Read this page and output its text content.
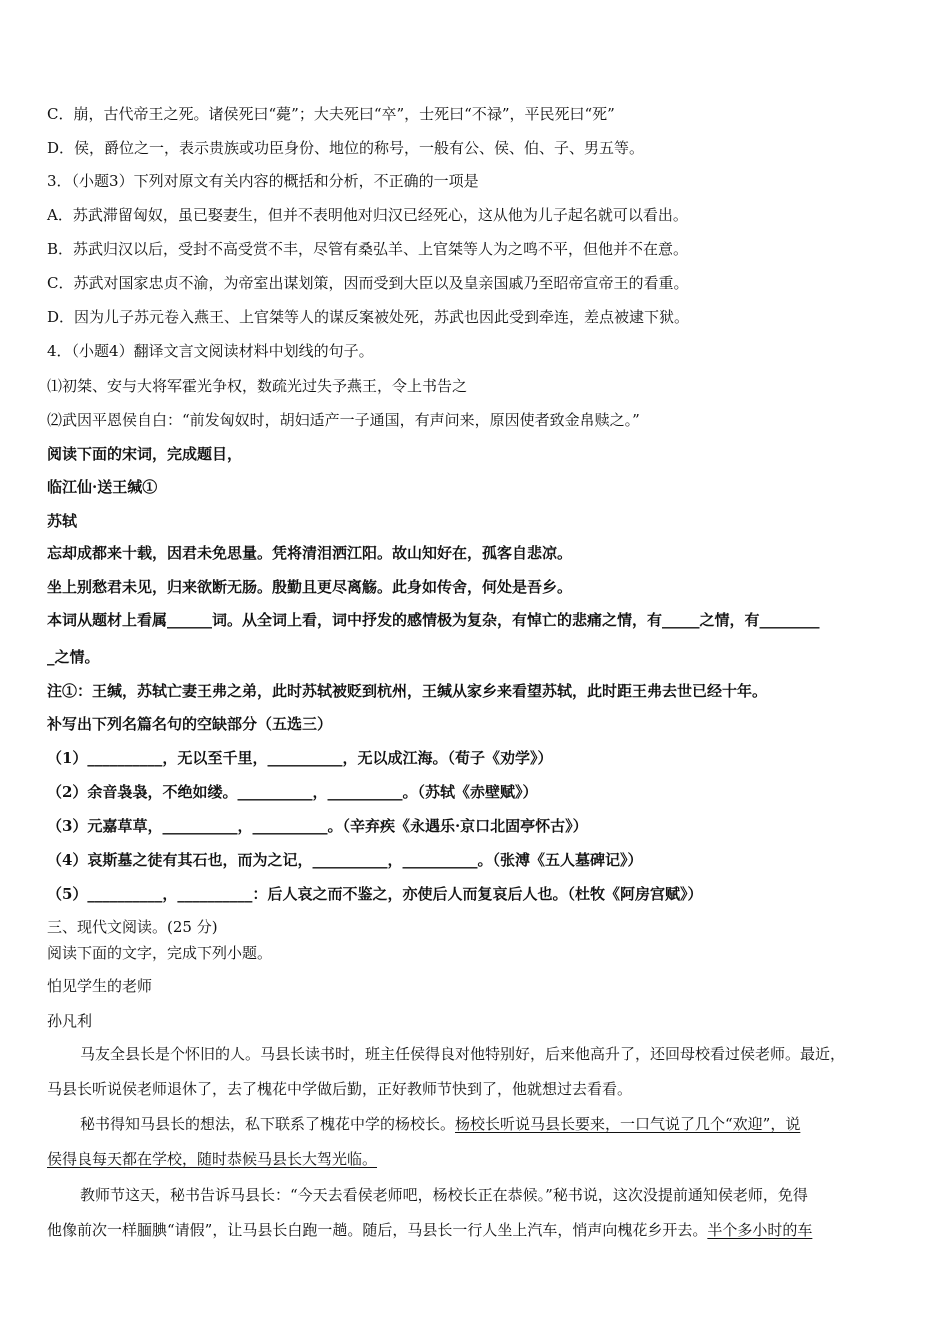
C．崩，古代帝王之死。诸侯死曰“薨”；大夫死曰“卒”，士死曰“不禄”，平民死曰“死”
D．侯，爵位之一，表示贵族或功臣身份、地位的称号，一般有公、侯、伯、子、男五等。
3．（小题3）下列对原文有关内容的概括和分析，不正确的一项是
A．苏武滞留匈奴，虽已娶妻生，但并不表明他对归汉已经死心，这从他为儿子起名就可以看出。
B．苏武归汉以后，受封不高受赏不丰，尽管有桑弘羊、上官桀等人为之鸣不平，但他并不在意。
C．苏武对国家忠贞不渝，为帝室出谋划策，因而受到大臣以及皇亲国戚乃至昭帝宣帝王的看重。
D．因为儿子苏元卷入燕王、上官桀等人的谋反案被处死，苏武也因此受到牵连，差点被逮下狱。
4．（小题4）翻译文言文阅读材料中划线的句子。
⑴初桀、安与大将军霍光争权，数疏光过失予燕王，令上书告之
⑵武因平恩侯自白：“前发匈奴时，胡妇适产一子通国，有声问来，原因使者致金帛赎之。”
阅读下面的宋词，完成题目，
临江仙·送王缄①
苏轼
忘却成都来十载，因君未免思量。凭将清泪洒江阳。故山知好在，孤客自悲凉。
坐上别愁君未见，归来欲断无肠。殷勤且更尽离觞。此身如传舍，何处是吾乡。
本词从题材上看属______词。从全词上看，词中抒发的感情极为复杂，有悼亡的悲痛之情，有_____之情，有________
_之情。
注①：王缄，苏轼亡妻王弗之弟，此时苏轼被贬到杭州，王缄从家乡来看望苏轼，此时距王弗去世已经十年。
补写出下列名篇名句的空缺部分（五选三）
（1）__________，无以至千里，__________，无以成江海。（荀子《劝学》）
（2）余音袅袅，不绝如缕。__________，__________。（苏轼《赤壁赋》）
（3）元嘉草草，__________，__________。（辛弃疾《永遇乐·京口北固亭怀古》）
（4）哀斯墓之徒有其石也，而为之记，__________，__________。（张溥《五人墓碑记》）
（5）__________，__________：后人哀之而不鉴之，亦使后人而复哀后人也。（杜牧《阿房宫赋》）
三、现代文阅读。(25 分)
阅读下面的文字，完成下列小题。
怕见学生的老师
孙凡利
马友全县长是个怀旧的人。马县长读书时，班主任侯得良对他特别好，后来他高升了，还回母校看过侯老师。最近，
马县长听说侯老师退休了，去了槐花中学做后勤，正好教师节快到了，他就想过去看看。
秘书得知马县长的想法，私下联系了槐花中学的杨校长。杨校长听说马县长要来，一口气说了几个“欢迎”，说
侯得良每天都在学校，随时恭候马县长大驾光临。
教师节这天，秘书告诉马县长：“今天去看侯老师吧，杨校长正在恭候。”秘书说，这次没提前通知侯老师，免得
他像前次一样腼腆“请假”，让马县长白跑一趟。随后，马县长一行人坐上汽车，悄声向槐花乡开去。半个多小时的车
